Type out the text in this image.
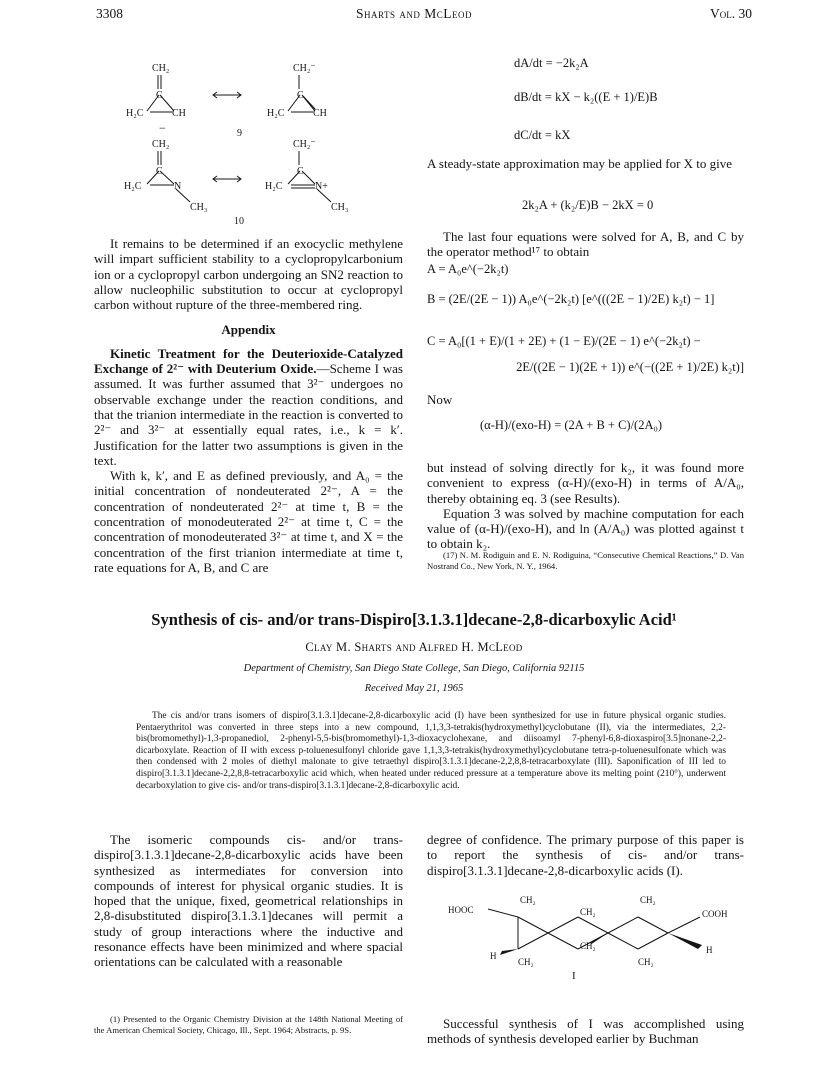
3308	Sharts and McLeod	Vol. 30
CH₂
C
H₂C	CH
−
CH₂⁻
C
H₂C	CH
9
CH₂
C
H₂C	N
CH₃
CH₂⁻
C
H₂C	N+
CH₃
10

It remains to be determined if an exocyclic methylene will impart sufficient stability to a cyclopropylcarbonium ion or a cyclopropyl carbon undergoing an SN2 reaction to allow nucleophilic substitution to occur at cyclopropyl carbon without rupture of the three-membered ring.

Appendix

Kinetic Treatment for the Deuterioxide-Catalyzed Exchange of 2²⁻ with Deuterium Oxide.—Scheme I was assumed. It was further assumed that 3²⁻ undergoes no observable exchange under the reaction conditions, and that the trianion intermediate in the reaction is converted to 2²⁻ and 3²⁻ at essentially equal rates, i.e., k = k′. Justification for the latter two assumptions is given in the text.

With k, k′, and E as defined previously, and A₀ = the initial concentration of nondeuterated 2²⁻, A = the concentration of nondeuterated 2²⁻ at time t, B = the concentration of monodeuterated 2²⁻ at time t, C = the concentration of monodeuterated 3²⁻ at time t, and X = the concentration of the first trianion intermediate at time t, rate equations for A, B, and C are

dA/dt = −2k₂A
dB/dt = kX − k₂((E + 1)/E)B
dC/dt = kX
A steady-state approximation may be applied for X to give
2k₂A + (k₂/E)B − 2kX = 0

The last four equations were solved for A, B, and C by the operator method¹⁷ to obtain

A = A₀e^(−2k₂t)
B = (2E/(2E − 1)) A₀e^(−2k₂t) [e^(((2E − 1)/2E) k₂t) − 1]
C = A₀[(1 + E)/(1 + 2E) + (1 − E)/(2E − 1) e^(−2k₂t) −
2E/((2E − 1)(2E + 1)) e^(−((2E + 1)/2E) k₂t)]
Now
(α-H)/(exo-H) = (2A + B + C)/(2A₀)

but instead of solving directly for k₂, it was found more convenient to express (α-H)/(exo-H) in terms of A/A₀, thereby obtaining eq. 3 (see Results).

Equation 3 was solved by machine computation for each value of (α-H)/(exo-H), and ln (A/A₀) was plotted against t to obtain k₂.

(17) N. M. Rodiguin and E. N. Rodiguina, “Consecutive Chemical Reactions,” D. Van Nostrand Co., New York, N. Y., 1964.

Synthesis of cis- and/or trans-Dispiro[3.1.3.1]decane-2,8-dicarboxylic Acid¹
Clay M. Sharts and Alfred H. McLeod
Department of Chemistry, San Diego State College, San Diego, California 92115
Received May 21, 1965

The cis and/or trans isomers of dispiro[3.1.3.1]decane-2,8-dicarboxylic acid (I) have been synthesized for use in future physical organic studies. Pentaerythritol was converted in three steps into a new compound, 1,1,3,3-tetrakis(hydroxymethyl)cyclobutane (II), via the intermediates, 2,2-bis(bromomethyl)-1,3-propanediol, 2-phenyl-5,5-bis(bromomethyl)-1,3-dioxacyclohexane, and diisoamyl 7-phenyl-6,8-dioxaspiro[3.5]nonane-2,2-dicarboxylate. Reaction of II with excess p-toluenesulfonyl chloride gave 1,1,3,3-tetrakis(hydroxymethyl)cyclobutane tetra-p-toluenesulfonate which was then condensed with 2 moles of diethyl malonate to give tetraethyl dispiro[3.1.3.1]decane-2,2,8,8-tetracarboxylate (III). Saponification of III led to dispiro[3.1.3.1]decane-2,2,8,8-tetracarboxylic acid which, when heated under reduced pressure at a temperature above its melting point (210°), underwent decarboxylation to give cis- and/or trans-dispiro[3.1.3.1]decane-2,8-dicarboxylic acid.

The isomeric compounds cis- and/or trans-dispiro[3.1.3.1]decane-2,8-dicarboxylic acids have been synthesized as intermediates for conversion into compounds of interest for physical organic studies. It is hoped that the unique, fixed, geometrical relationships in 2,8-disubstituted dispiro[3.1.3.1]decanes will permit a study of group interactions where the inductive and resonance effects have been minimized and where spacial orientations can be calculated with a reasonable

(1) Presented to the Organic Chemistry Division at the 148th National Meeting of the American Chemical Society, Chicago, Ill., Sept. 1964; Abstracts, p. 9S.

degree of confidence. The primary purpose of this paper is to report the synthesis of cis- and/or trans-dispiro[3.1.3.1]decane-2,8-dicarboxylic acids (I).
HOOC
CH₂
CH₂
CH₂
COOH
H
CH₂
CH₂
CH₂
H
I

Successful synthesis of I was accomplished using methods of synthesis developed earlier by Buchman
